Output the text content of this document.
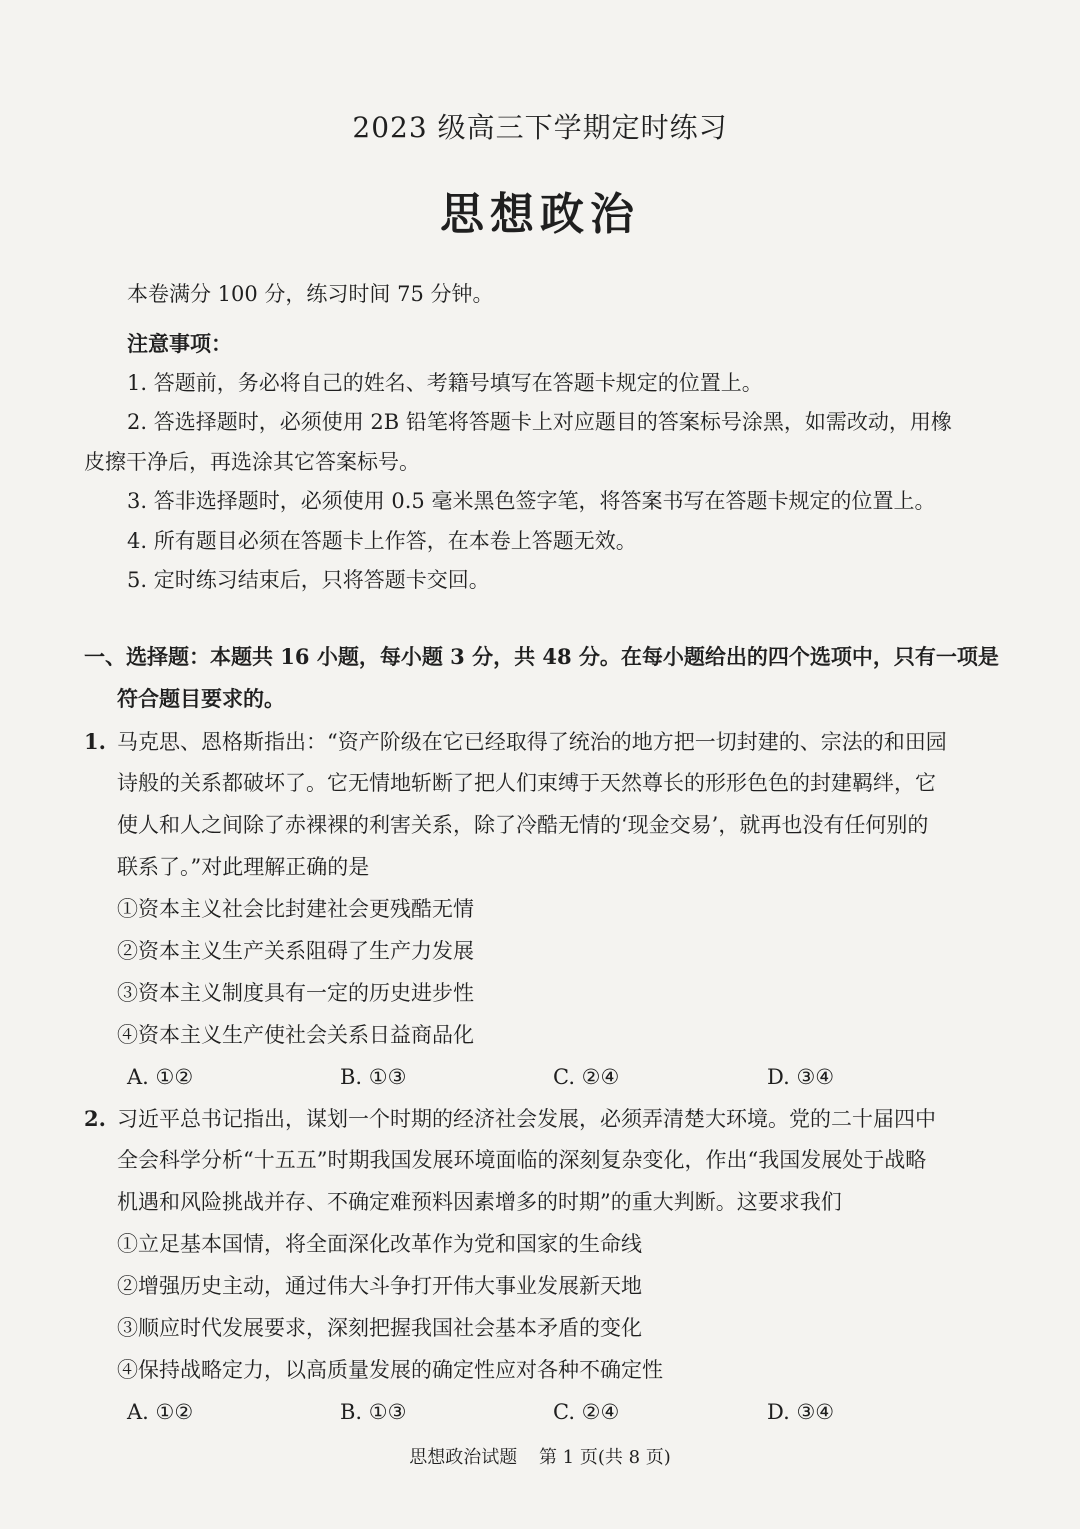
2023 级高三下学期定时练习
思想政治
本卷满分 100 分，练习时间 75 分钟。
注意事项：
1. 答题前，务必将自己的姓名、考籍号填写在答题卡规定的位置上。
2. 答选择题时，必须使用 2B 铅笔将答题卡上对应题目的答案标号涂黑，如需改动，用橡
皮擦干净后，再选涂其它答案标号。
3. 答非选择题时，必须使用 0.5 毫米黑色签字笔，将答案书写在答题卡规定的位置上。
4. 所有题目必须在答题卡上作答，在本卷上答题无效。
5. 定时练习结束后，只将答题卡交回。
一、选择题：本题共 16 小题，每小题 3 分，共 48 分。在每小题给出的四个选项中，只有一项是
符合题目要求的。
1. 马克思、恩格斯指出：“资产阶级在它已经取得了统治的地方把一切封建的、宗法的和田园
诗般的关系都破坏了。它无情地斩断了把人们束缚于天然尊长的形形色色的封建羁绊，它
使人和人之间除了赤裸裸的利害关系，除了冷酷无情的‘现金交易’，就再也没有任何别的
联系了。”对此理解正确的是
①资本主义社会比封建社会更残酷无情
②资本主义生产关系阻碍了生产力发展
③资本主义制度具有一定的历史进步性
④资本主义生产使社会关系日益商品化
A. ①②	B. ①③	C. ②④	D. ③④
2. 习近平总书记指出，谋划一个时期的经济社会发展，必须弄清楚大环境。党的二十届四中
全会科学分析“十五五”时期我国发展环境面临的深刻复杂变化，作出“我国发展处于战略
机遇和风险挑战并存、不确定难预料因素增多的时期”的重大判断。这要求我们
①立足基本国情，将全面深化改革作为党和国家的生命线
②增强历史主动，通过伟大斗争打开伟大事业发展新天地
③顺应时代发展要求，深刻把握我国社会基本矛盾的变化
④保持战略定力，以高质量发展的确定性应对各种不确定性
A. ①②	B. ①③	C. ②④	D. ③④
思想政治试题 第 1 页(共 8 页)
